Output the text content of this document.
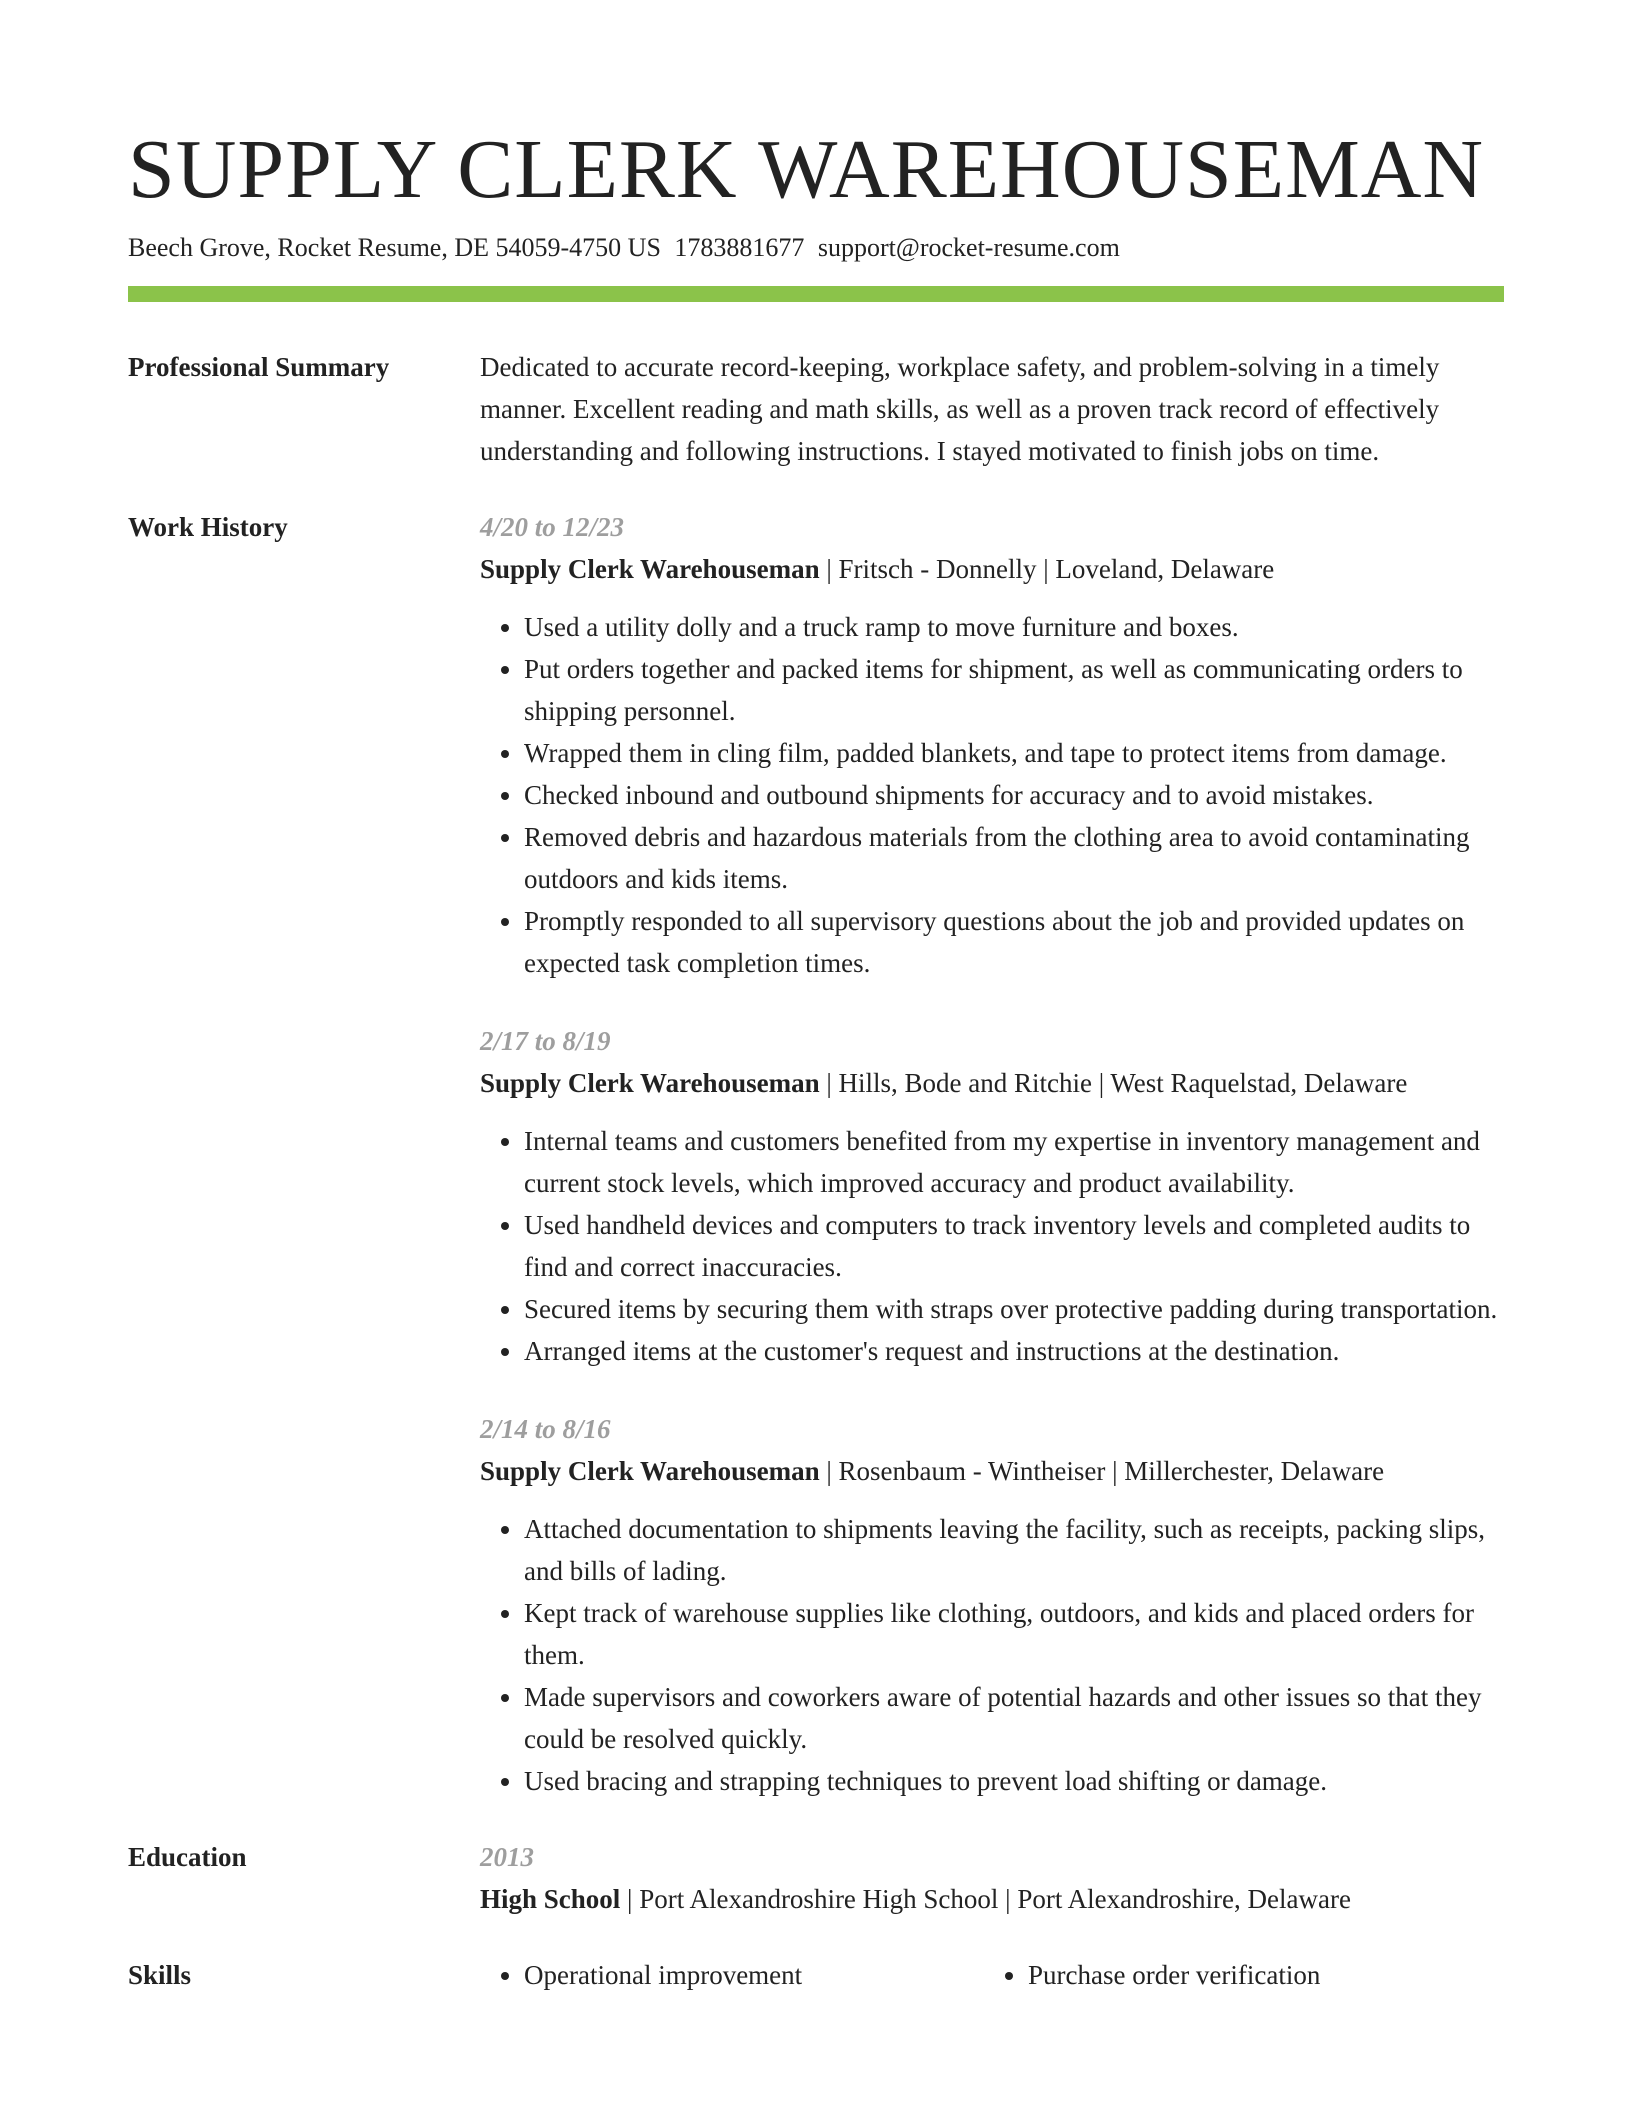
SUPPLY CLERK WAREHOUSEMAN
Beech Grove, Rocket Resume, DE 54059-4750 US 1783881677 support@rocket-resume.com
Professional Summary	Dedicated to accurate record-keeping, workplace safety, and problem-solving in a timely manner. Excellent reading and math skills, as well as a proven track record of effectively understanding and following instructions. I stayed motivated to finish jobs on time.

Work History	4/20 to 12/23
Supply Clerk Warehouseman | Fritsch - Donnelly | Loveland, Delaware
• Used a utility dolly and a truck ramp to move furniture and boxes.
• Put orders together and packed items for shipment, as well as communicating orders to shipping personnel.
• Wrapped them in cling film, padded blankets, and tape to protect items from damage.
• Checked inbound and outbound shipments for accuracy and to avoid mistakes.
• Removed debris and hazardous materials from the clothing area to avoid contaminating outdoors and kids items.
• Promptly responded to all supervisory questions about the job and provided updates on expected task completion times.
2/17 to 8/19
Supply Clerk Warehouseman | Hills, Bode and Ritchie | West Raquelstad, Delaware
• Internal teams and customers benefited from my expertise in inventory management and current stock levels, which improved accuracy and product availability.
• Used handheld devices and computers to track inventory levels and completed audits to find and correct inaccuracies.
• Secured items by securing them with straps over protective padding during transportation.
• Arranged items at the customer's request and instructions at the destination.
2/14 to 8/16
Supply Clerk Warehouseman | Rosenbaum - Wintheiser | Millerchester, Delaware
• Attached documentation to shipments leaving the facility, such as receipts, packing slips, and bills of lading.
• Kept track of warehouse supplies like clothing, outdoors, and kids and placed orders for them.
• Made supervisors and coworkers aware of potential hazards and other issues so that they could be resolved quickly.
• Used bracing and strapping techniques to prevent load shifting or damage.
Education	2013
High School | Port Alexandroshire High School | Port Alexandroshire, Delaware
Skills	• Operational improvement	• Purchase order verification
